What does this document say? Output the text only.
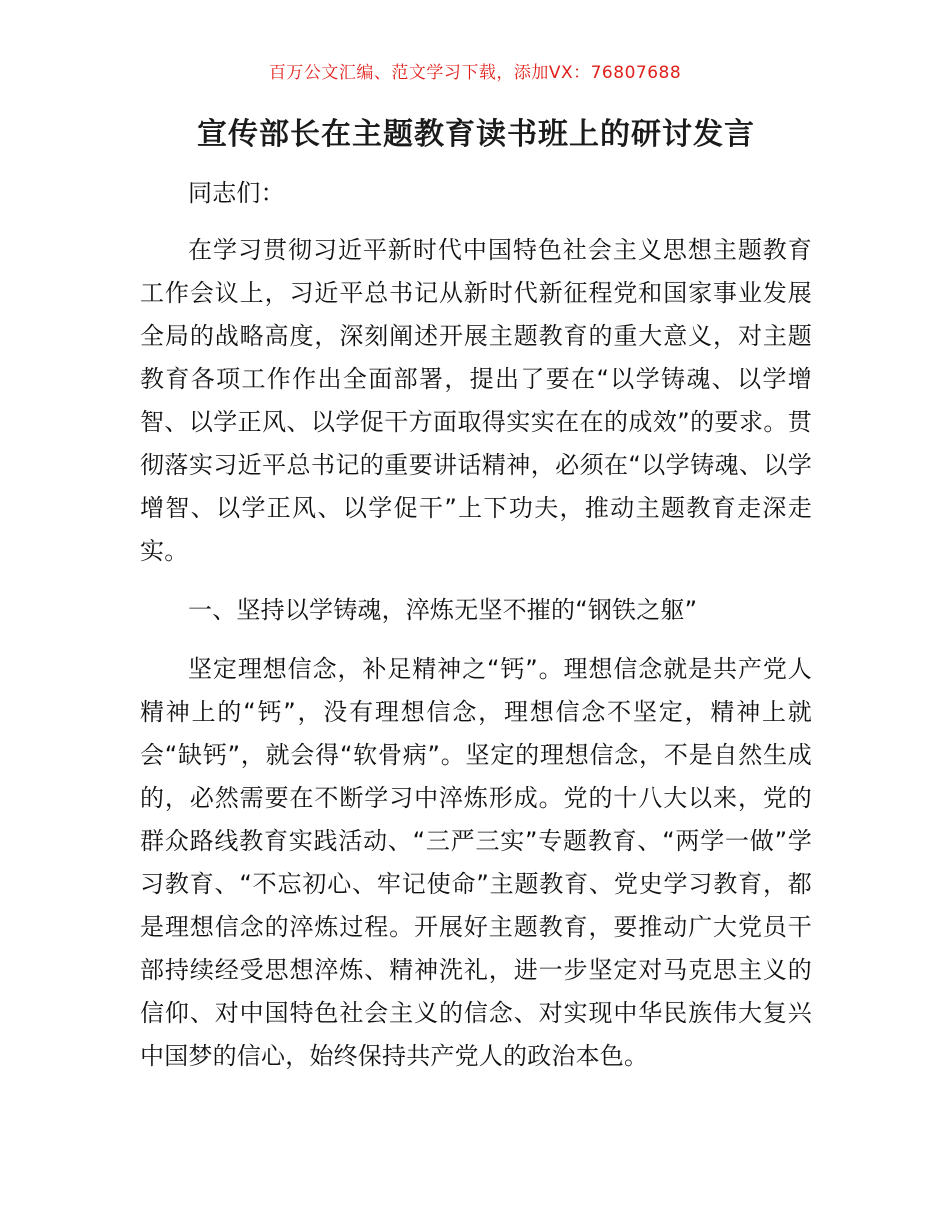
百万公文汇编、范文学习下载，添加VX：76807688
宣传部长在主题教育读书班上的研讨发言

同志们：

在学习贯彻习近平新时代中国特色社会主义思想主题教育工作会议上，习近平总书记从新时代新征程党和国家事业发展全局的战略高度，深刻阐述开展主题教育的重大意义，对主题教育各项工作作出全面部署，提出了要在“以学铸魂、以学增智、以学正风、以学促干方面取得实实在在的成效”的要求。贯彻落实习近平总书记的重要讲话精神，必须在“以学铸魂、以学增智、以学正风、以学促干”上下功夫，推动主题教育走深走实。

一、坚持以学铸魂，淬炼无坚不摧的“钢铁之躯”

坚定理想信念，补足精神之“钙”。理想信念就是共产党人精神上的“钙”，没有理想信念，理想信念不坚定，精神上就会“缺钙”，就会得“软骨病”。坚定的理想信念，不是自然生成的，必然需要在不断学习中淬炼形成。党的十八大以来，党的群众路线教育实践活动、“三严三实”专题教育、“两学一做”学习教育、“不忘初心、牢记使命”主题教育、党史学习教育，都是理想信念的淬炼过程。开展好主题教育，要推动广大党员干部持续经受思想淬炼、精神洗礼，进一步坚定对马克思主义的信仰、对中国特色社会主义的信念、对实现中华民族伟大复兴中国梦的信心，始终保持共产党人的政治本色。
